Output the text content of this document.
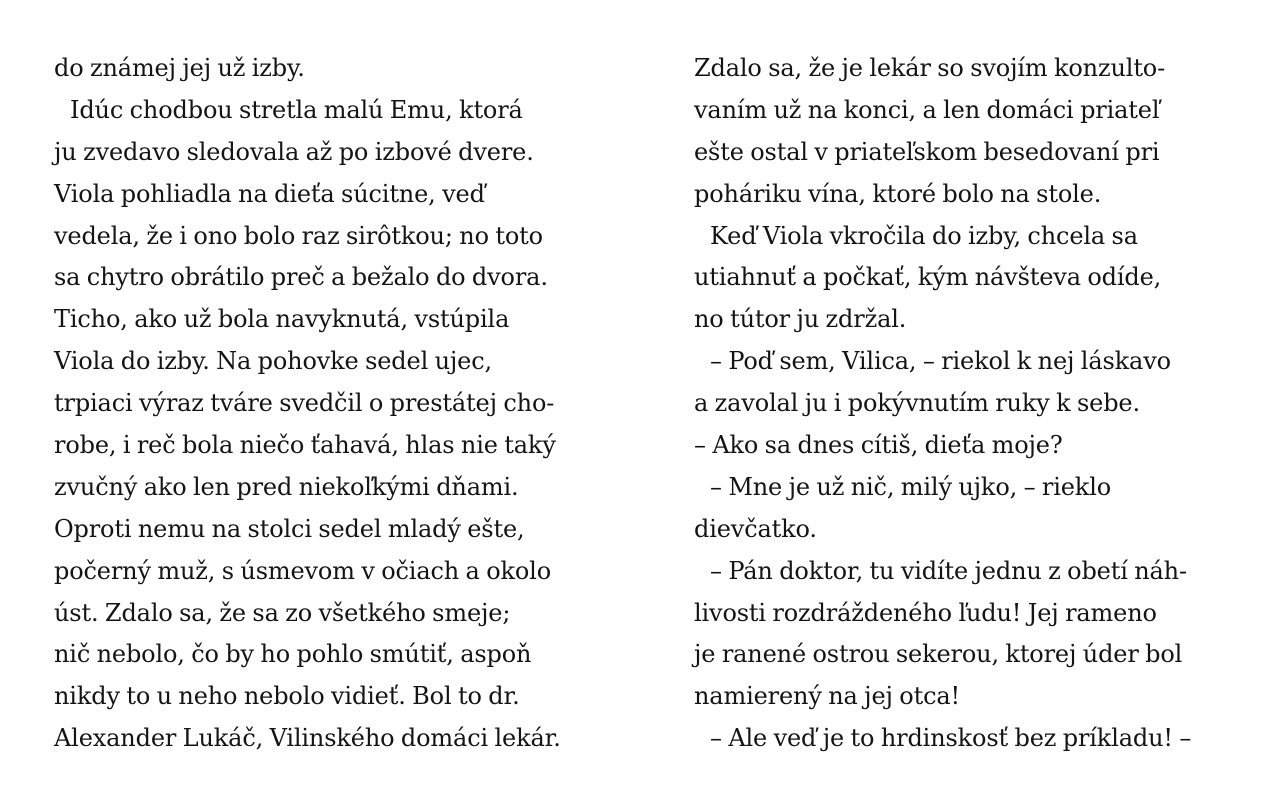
do známej jej už izby.
Idúc chodbou stretla malú Emu, ktorá
ju zvedavo sledovala až po izbové dvere.
Viola pohliadla na dieťa súcitne, veď
vedela, že i ono bolo raz sirôtkou; no toto
sa chytro obrátilo preč a bežalo do dvora.
Ticho, ako už bola navyknutá, vstúpila
Viola do izby. Na pohovke sedel ujec,
trpiaci výraz tváre svedčil o prestátej cho-
robe, i reč bola niečo ťahavá, hlas nie taký
zvučný ako len pred niekoľkými dňami.
Oproti nemu na stolci sedel mladý ešte,
počerný muž, s úsmevom v očiach a okolo
úst. Zdalo sa, že sa zo všetkého smeje;
nič nebolo, čo by ho pohlo smútiť, aspoň
nikdy to u neho nebolo vidieť. Bol to dr.
Alexander Lukáč, Vilinského domáci lekár.
Zdalo sa, že je lekár so svojím konzulto-
vaním už na konci, a len domáci priateľ
ešte ostal v priateľskom besedovaní pri
poháriku vína, ktoré bolo na stole.
Keď Viola vkročila do izby, chcela sa
utiahnuť a počkať, kým návšteva odíde,
no tútor ju zdržal.
– Poď sem, Vilica, – riekol k nej láskavo
a zavolal ju i pokývnutím ruky k sebe.
– Ako sa dnes cítiš, dieťa moje?
– Mne je už nič, milý ujko, – rieklo
dievčatko.
– Pán doktor, tu vidíte jednu z obetí náh-
livosti rozdráždeného ľudu! Jej rameno
je ranené ostrou sekerou, ktorej úder bol
namierený na jej otca!
– Ale veď je to hrdinskosť bez príkladu! –
